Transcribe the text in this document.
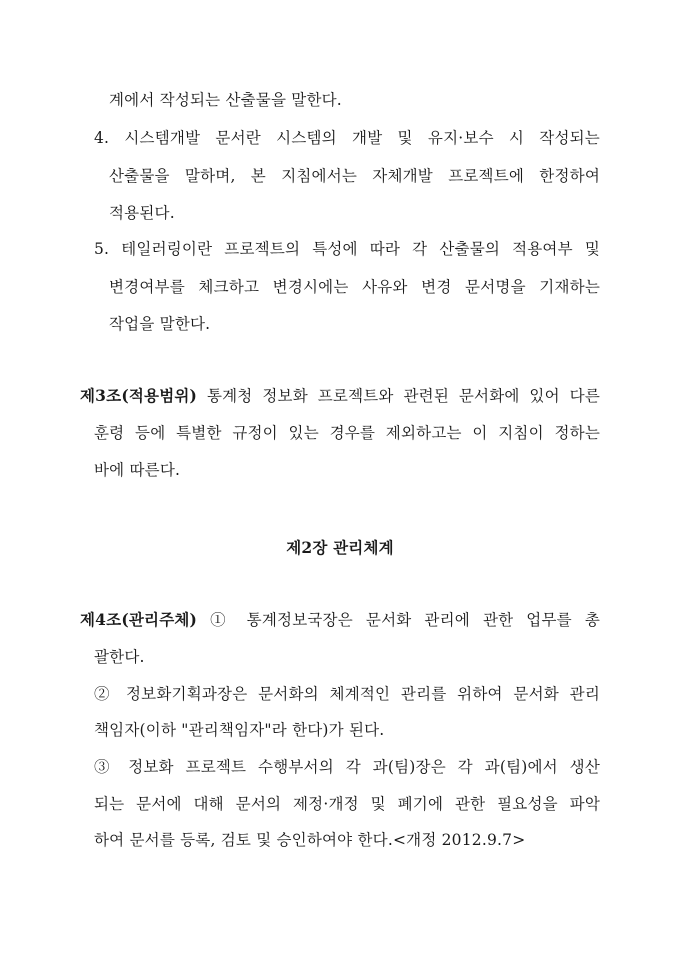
계에서 작성되는 산출물을 말한다.
4. 시스템개발 문서란 시스템의 개발 및 유지·보수 시 작성되는
산출물을 말하며, 본 지침에서는 자체개발 프로젝트에 한정하여
적용된다.
5. 테일러링이란 프로젝트의 특성에 따라 각 산출물의 적용여부 및
변경여부를 체크하고 변경시에는 사유와 변경 문서명을 기재하는
작업을 말한다.
제3조(적용범위) 통계청 정보화 프로젝트와 관련된 문서화에 있어 다른
훈령 등에 특별한 규정이 있는 경우를 제외하고는 이 지침이 정하는
바에 따른다.
제2장 관리체계
제4조(관리주체) ① 통계정보국장은 문서화 관리에 관한 업무를 총
괄한다.
② 정보화기획과장은 문서화의 체계적인 관리를 위하여 문서화 관리
책임자(이하 "관리책임자"라 한다)가 된다.
③ 정보화 프로젝트 수행부서의 각 과(팀)장은 각 과(팀)에서 생산
되는 문서에 대해 문서의 제정·개정 및 폐기에 관한 필요성을 파악
하여 문서를 등록, 검토 및 승인하여야 한다.<개정 2012.9.7>
